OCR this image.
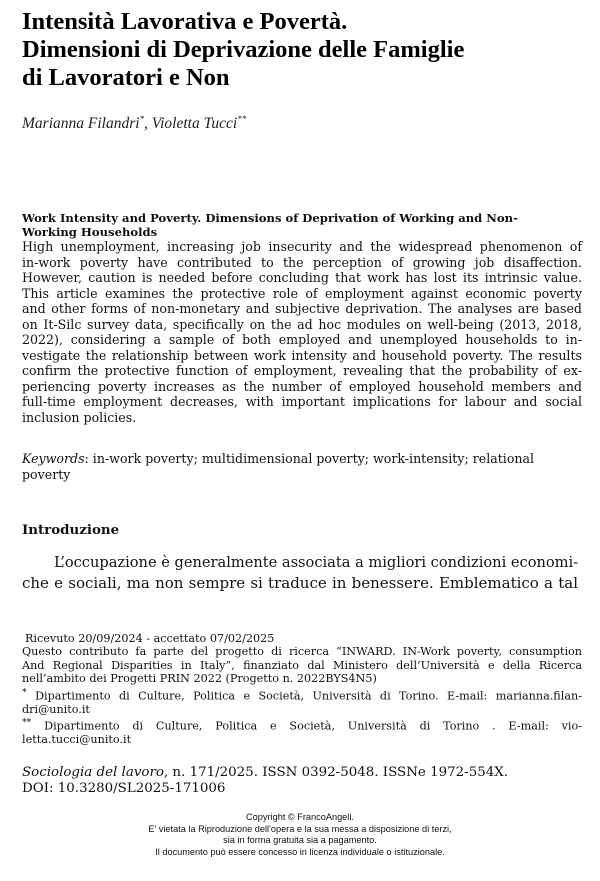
Intensità Lavorativa e Povertà.
Dimensioni di Deprivazione delle Famiglie
di Lavoratori e Non
Marianna Filandri*, Violetta Tucci**
Work Intensity and Poverty. Dimensions of Deprivation of Working and Non-
Working Households
High unemployment, increasing job insecurity and the widespread phenomenon of
in-work poverty have contributed to the perception of growing job disaffection.
However, caution is needed before concluding that work has lost its intrinsic value.
This article examines the protective role of employment against economic poverty
and other forms of non-monetary and subjective deprivation. The analyses are based
on It-Silc survey data, specifically on the ad hoc modules on well-being (2013, 2018,
2022), considering a sample of both employed and unemployed households to in-
vestigate the relationship between work intensity and household poverty. The results
confirm the protective function of employment, revealing that the probability of ex-
periencing poverty increases as the number of employed household members and
full-time employment decreases, with important implications for labour and social
inclusion policies.
Keywords: in-work poverty; multidimensional poverty; work-intensity; relational
poverty
Introduzione
L’occupazione è generalmente associata a migliori condizioni economi-
che e sociali, ma non sempre si traduce in benessere. Emblematico a tal
Ricevuto 20/09/2024 - accettato 07/02/2025
Questo contributo fa parte del progetto di ricerca “INWARD. IN-Work poverty, consumption
And Regional Disparities in Italy”, finanziato dal Ministero dell’Università e della Ricerca
nell’ambito dei Progetti PRIN 2022 (Progetto n. 2022BYS4N5)
* Dipartimento di Culture, Politica e Società, Università di Torino. E-mail: marianna.filan-
dri@unito.it
** Dipartimento di Culture, Politica e Società, Università di Torino . E-mail: vio-
letta.tucci@unito.it
Sociologia del lavoro, n. 171/2025. ISSN 0392-5048. ISSNe 1972-554X.
DOI: 10.3280/SL2025-171006
Copyright © FrancoAngeli.
E' vietata la Riproduzione dell'opera e la sua messa a disposizione di terzi,
sia in forma gratuita sia a pagamento.
Il documento può essere concesso in licenza individuale o istituzionale.
